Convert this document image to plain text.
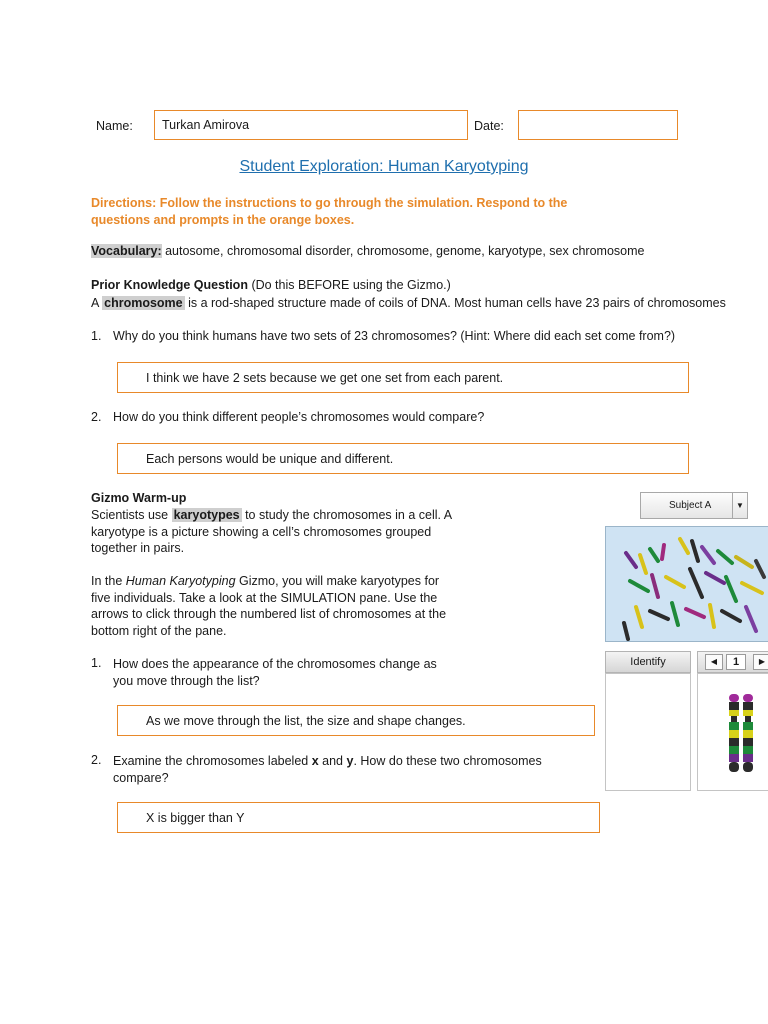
Name: Turkan Amirova	Date:
Student Exploration: Human Karyotyping
Directions: Follow the instructions to go through the simulation. Respond to the
questions and prompts in the orange boxes.
Vocabulary: autosome, chromosomal disorder, chromosome, genome, karyotype, sex chromosome
Prior Knowledge Question (Do this BEFORE using the Gizmo.)
A chromosome is a rod-shaped structure made of coils of DNA. Most human cells have 23 pairs of chromosomes
1. Why do you think humans have two sets of 23 chromosomes? (Hint: Where did each set come from?)
I think we have 2 sets because we get one set from each parent.
2. How do you think different people’s chromosomes would compare?
Each persons would be unique and different.
Gizmo Warm-up
Scientists use karyotypes to study the chromosomes in a cell. A
karyotype is a picture showing a cell’s chromosomes grouped
together in pairs.
In the Human Karyotyping Gizmo, you will make karyotypes for
five individuals. Take a look at the SIMULATION pane. Use the
arrows to click through the numbered list of chromosomes at the
bottom right of the pane.
1. How does the appearance of the chromosomes change as
you move through the list?
As we move through the list, the size and shape changes.
2. Examine the chromosomes labeled x and y. How do these two chromosomes
compare?
X is bigger than Y
Subject A	▼
Identify	◀	1	▶
